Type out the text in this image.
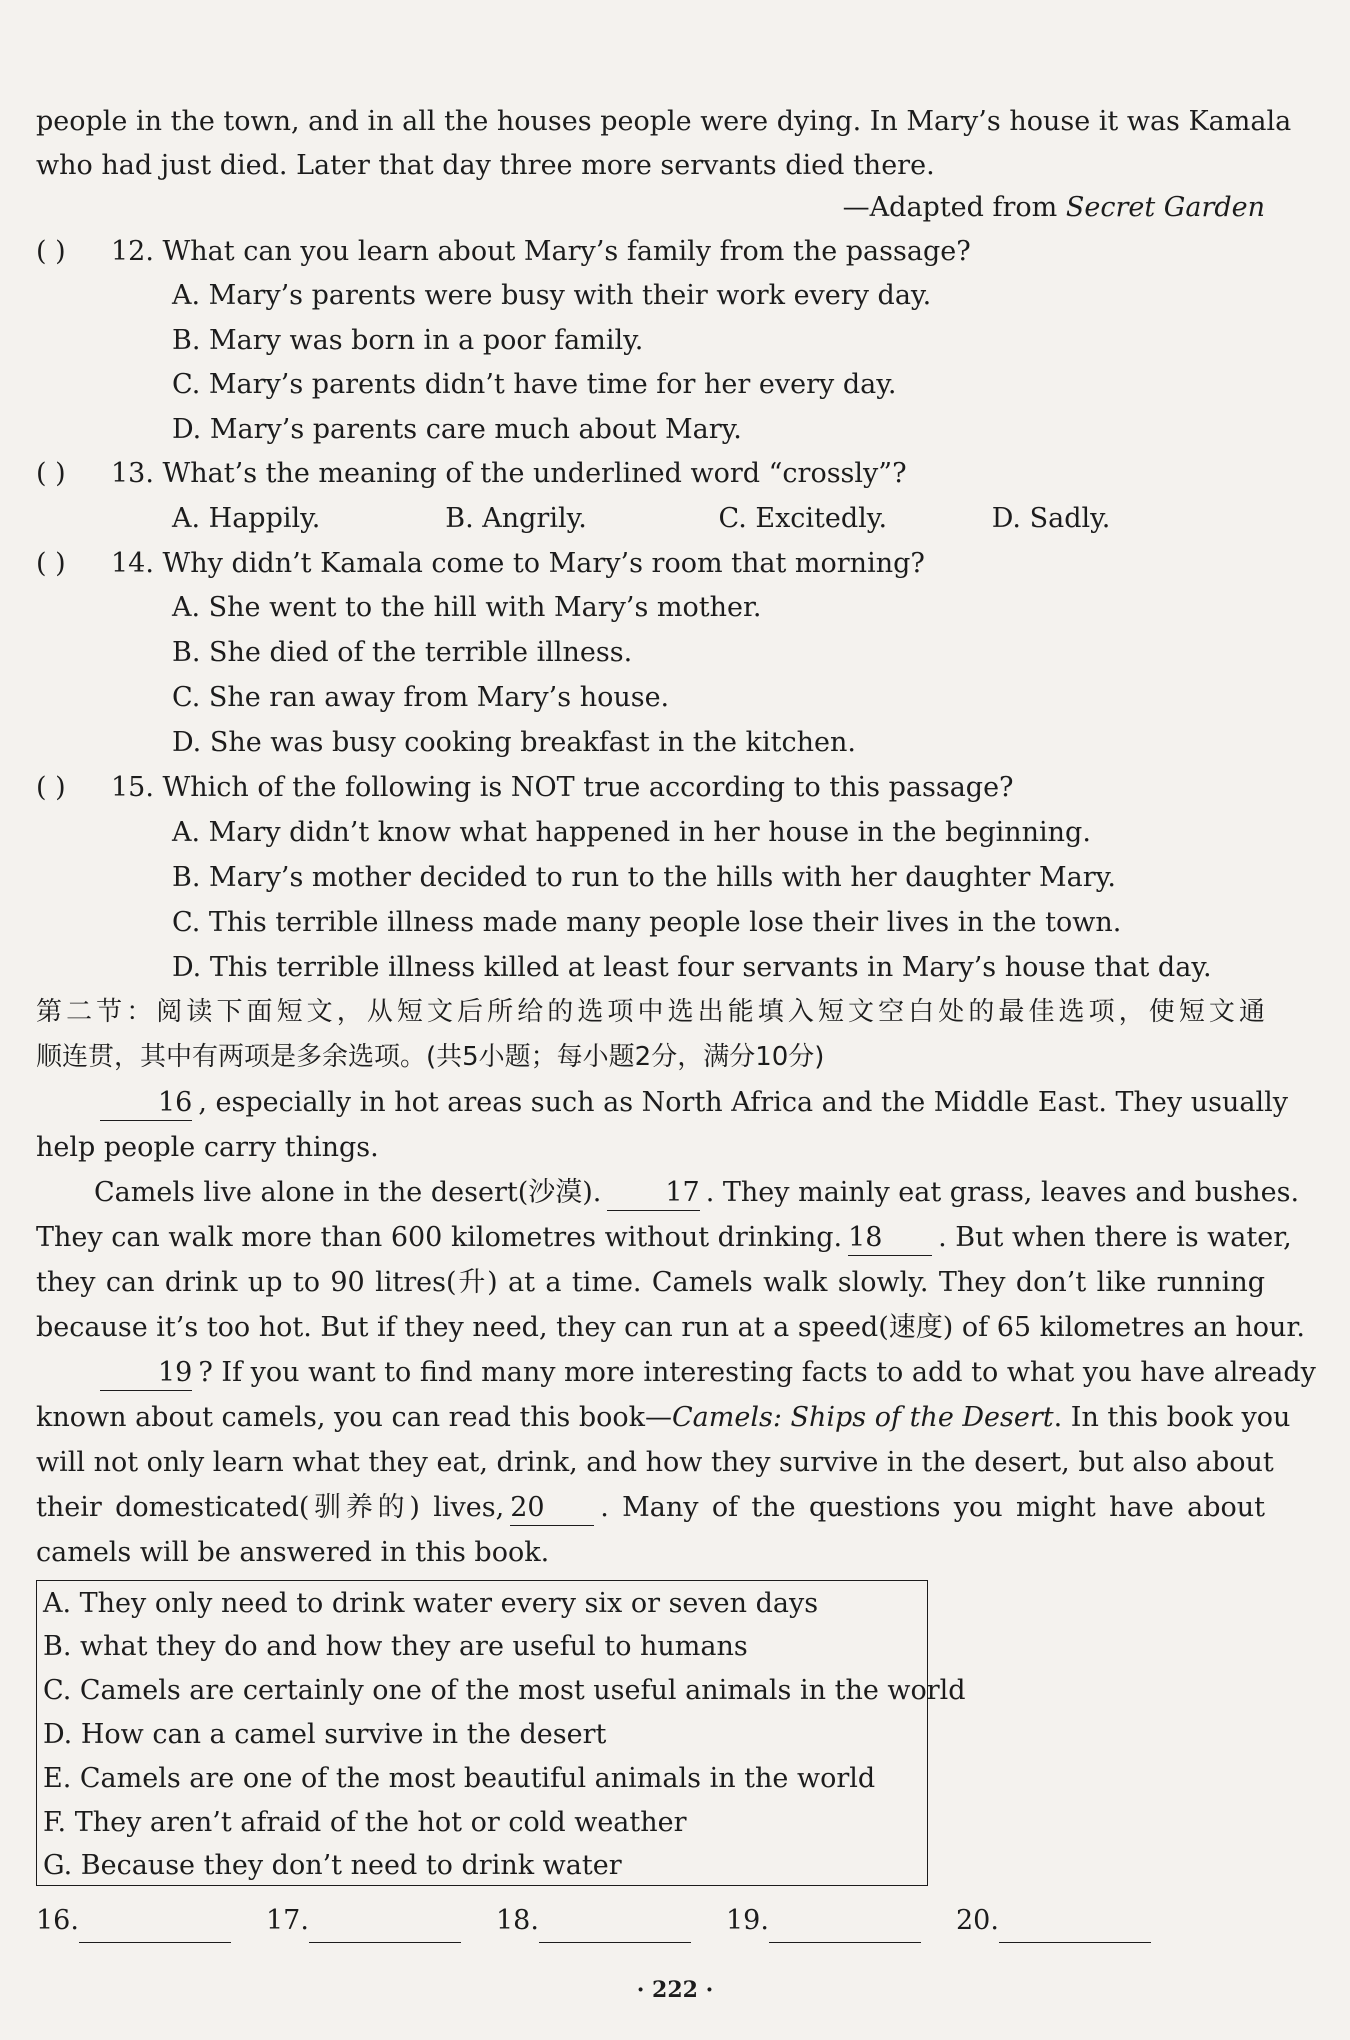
people in the town, and in all the houses people were dying. In Mary’s house it was Kamala
who had just died. Later that day three more servants died there.
—Adapted from Secret Garden
( ) 12. What can you learn about Mary’s family from the passage?
A. Mary’s parents were busy with their work every day.
B. Mary was born in a poor family.
C. Mary’s parents didn’t have time for her every day.
D. Mary’s parents care much about Mary.
( ) 13. What’s the meaning of the underlined word “crossly”?
A. Happily.	B. Angrily.	C. Excitedly.	D. Sadly.
( ) 14. Why didn’t Kamala come to Mary’s room that morning?
A. She went to the hill with Mary’s mother.
B. She died of the terrible illness.
C. She ran away from Mary’s house.
D. She was busy cooking breakfast in the kitchen.
( ) 15. Which of the following is NOT true according to this passage?
A. Mary didn’t know what happened in her house in the beginning.
B. Mary’s mother decided to run to the hills with her daughter Mary.
C. This terrible illness made many people lose their lives in the town.
D. This terrible illness killed at least four servants in Mary’s house that day.
第二节：阅读下面短文，从短文后所给的选项中选出能填入短文空白处的最佳选项，使短文通
顺连贯，其中有两项是多余选项。(共5小题；每小题2分，满分10分)
16 , especially in hot areas such as North Africa and the Middle East. They usually
help people carry things.
Camels live alone in the desert(沙漠). 17 . They mainly eat grass, leaves and bushes.
They can walk more than 600 kilometres without drinking. 18 . But when there is water,
they can drink up to 90 litres(升) at a time. Camels walk slowly. They don’t like running
because it’s too hot. But if they need, they can run at a speed(速度) of 65 kilometres an hour.
19 ? If you want to find many more interesting facts to add to what you have already
known about camels, you can read this book—Camels: Ships of the Desert. In this book you
will not only learn what they eat, drink, and how they survive in the desert, but also about
their domesticated(驯养的) lives, 20 . Many of the questions you might have about
camels will be answered in this book.
A. They only need to drink water every six or seven days
B. what they do and how they are useful to humans
C. Camels are certainly one of the most useful animals in the world
D. How can a camel survive in the desert
E. Camels are one of the most beautiful animals in the world
F. They aren’t afraid of the hot or cold weather
G. Because they don’t need to drink water
16.	17.	18.	19.	20.
· 222 ·
